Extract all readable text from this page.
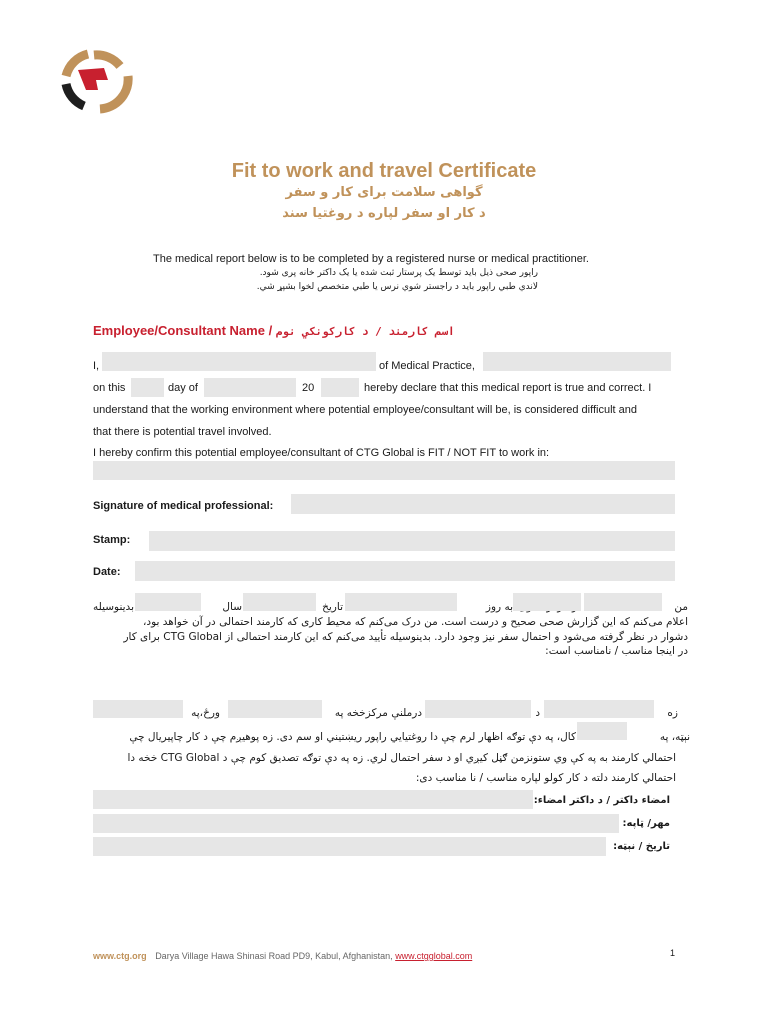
Fit to work and travel Certificate
گواهی سلامت برای کار و سفر
د کار او سفر لپاره د روغتیا سند
The medical report below is to be completed by a registered nurse or medical practitioner.
راپور صحی ذیل باید توسط یک پرستار ثبت شده یا یک داکتر خانه پری شود.
لاندي طبي راپور باید د راجستر شوي نرس یا طبي متخصص لخوا بشپړ شي.
Employee/Consultant Name / اسم کارمند / د کارکونکي نوم
I,	of Medical Practice,
on this	day of	20	hereby declare that this medical report is true and correct. I
understand that the working environment where potential employee/consultant will be, is considered difficult and
that there is potential travel involved.
I hereby confirm this potential employee/consultant of CTG Global is FIT / NOT FIT to work in:
Signature of medical professional:
Stamp:
Date:
من
به روز
تاریخ
سال
بدینوسیله
اعلام می‌کنم که این گزارش صحی صحیح و درست است. من درک می‌کنم که محیط کاری که کارمند احتمالی در آن خواهد بود،
دشوار در نظر گرفته می‌شود و احتمال سفر نیز وجود دارد. بدینوسیله تأیید می‌کنم که این کارمند احتمالی از CTG Global برای کار
در اینجا مناسب / نامناسب است:
زه
د
درملنې مرکزخخه په
ورځ،په
نېټه، په
کال، په دې توګه اظهار لرم چې دا روغتیایي راپور ریښتیني او سم دی. زه پوهیږم چې د کار چاپیریال چې
احتمالي کارمند به په کې وي ستونزمن ګڼل کیږي او د سفر احتمال لري. زه په دې توګه تصدیق کوم چې د CTG Global خخه دا
احتمالي کارمند دلته د کار کولو لپاره مناسب / نا مناسب دی:
امضاء داکتر / د داکتر امضاء:
مهر/ ټاپه:
تاریخ / نېټه:
www.ctg.org Darya Village Hawa Shinasi Road PD9, Kabul, Afghanistan, www.ctgglobal.com	1
